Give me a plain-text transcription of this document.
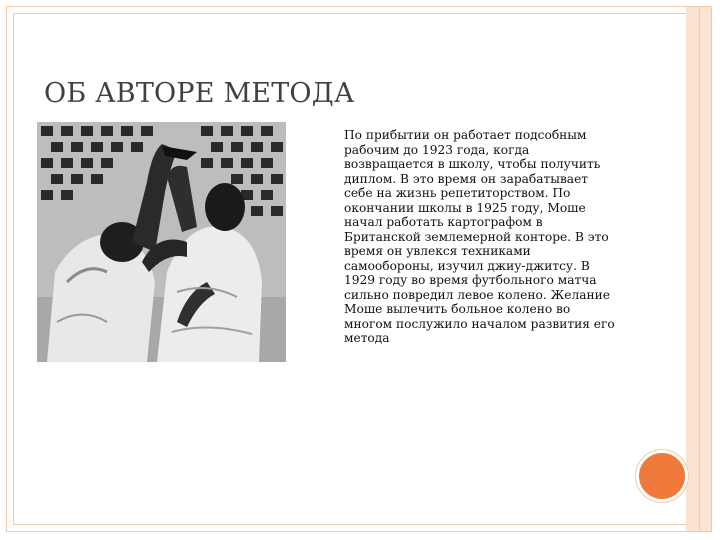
ОБ АВТОРЕ МЕТОДА
По прибытии он работает подсобным
рабочим до 1923 года, когда
возвращается в школу, чтобы получить
диплом. В это время он зарабатывает
себе на жизнь репетиторством. По
окончании школы в 1925 году, Моше
начал работать картографом в
Британской землемерной конторе. В это
время он увлекся техниками
самообороны, изучил джиу-джитсу. В
1929 году во время футбольного матча
сильно повредил левое колено. Желание
Моше вылечить больное колено во
многом послужило началом развития его
метода
